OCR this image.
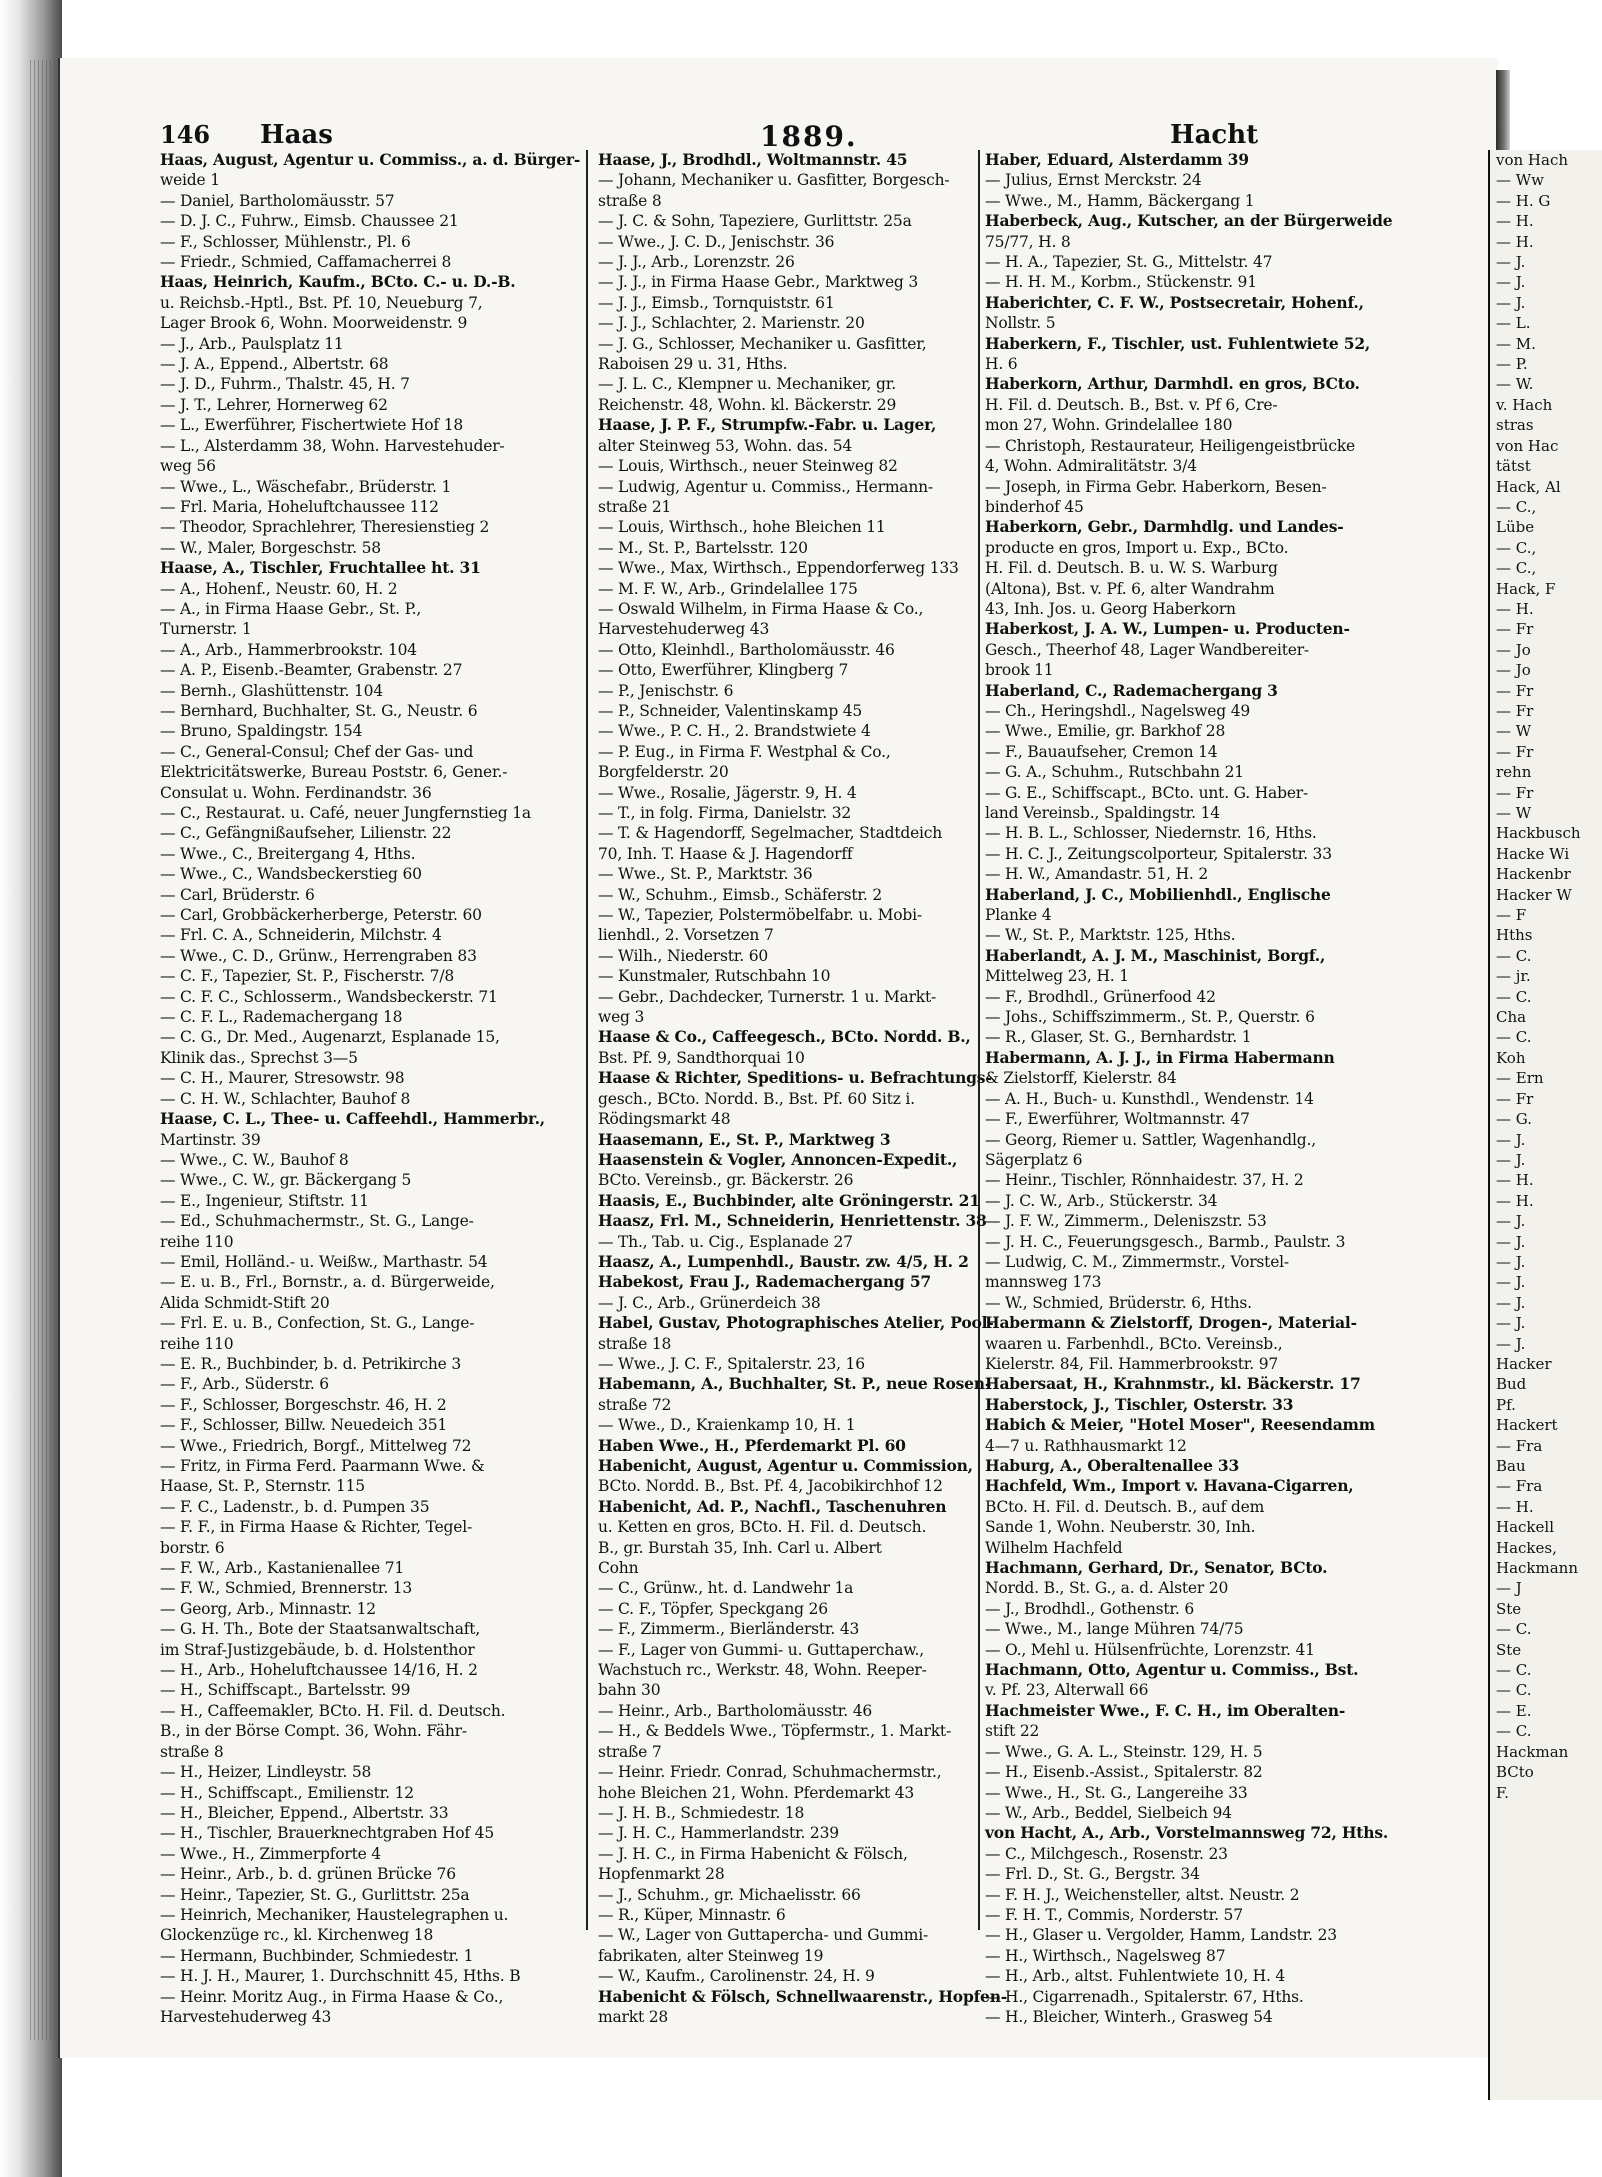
146 Haas	1889.	Hacht
Haas, August, Agentur u. Commiss., a. d. Bürger-
weide 1
— Daniel, Bartholomäusstr. 57
— D. J. C., Fuhrw., Eimsb. Chaussee 21
— F., Schlosser, Mühlenstr., Pl. 6
— Friedr., Schmied, Caffamacherrei 8
Haas, Heinrich, Kaufm., BCto. C.- u. D.-B.
u. Reichsb.-Hptl., Bst. Pf. 10, Neueburg 7,
Lager Brook 6, Wohn. Moorweidenstr. 9
— J., Arb., Paulsplatz 11
— J. A., Eppend., Albertstr. 68
— J. D., Fuhrm., Thalstr. 45, H. 7
— J. T., Lehrer, Hornerweg 62
— L., Ewerführer, Fischertwiete Hof 18
— L., Alsterdamm 38, Wohn. Harvestehuder-
weg 56
— Wwe., L., Wäschefabr., Brüderstr. 1
— Frl. Maria, Hoheluftchaussee 112
— Theodor, Sprachlehrer, Theresienstieg 2
— W., Maler, Borgeschstr. 58
Haase, A., Tischler, Fruchtallee ht. 31
— A., Hohenf., Neustr. 60, H. 2
— A., in Firma Haase Gebr., St. P.,
Turnerstr. 1
— A., Arb., Hammerbrookstr. 104
— A. P., Eisenb.-Beamter, Grabenstr. 27
— Bernh., Glashüttenstr. 104
— Bernhard, Buchhalter, St. G., Neustr. 6
— Bruno, Spaldingstr. 154
— C., General-Consul; Chef der Gas- und
Elektricitätswerke, Bureau Poststr. 6, Gener.-
Consulat u. Wohn. Ferdinandstr. 36
— C., Restaurat. u. Café, neuer Jungfernstieg 1a
— C., Gefängnißaufseher, Lilienstr. 22
— Wwe., C., Breitergang 4, Hths.
— Wwe., C., Wandsbeckerstieg 60
— Carl, Brüderstr. 6
— Carl, Grobbäckerherberge, Peterstr. 60
— Frl. C. A., Schneiderin, Milchstr. 4
— Wwe., C. D., Grünw., Herrengraben 83
— C. F., Tapezier, St. P., Fischerstr. 7/8
— C. F. C., Schlosserm., Wandsbeckerstr. 71
— C. F. L., Rademachergang 18
— C. G., Dr. Med., Augenarzt, Esplanade 15,
Klinik das., Sprechst 3—5
— C. H., Maurer, Stresowstr. 98
— C. H. W., Schlachter, Bauhof 8
Haase, C. L., Thee- u. Caffeehdl., Hammerbr.,
Martinstr. 39
— Wwe., C. W., Bauhof 8
— Wwe., C. W., gr. Bäckergang 5
— E., Ingenieur, Stiftstr. 11
— Ed., Schuhmachermstr., St. G., Lange-
reihe 110
— Emil, Holländ.- u. Weißw., Marthastr. 54
— E. u. B., Frl., Bornstr., a. d. Bürgerweide,
Alida Schmidt-Stift 20
— Frl. E. u. B., Confection, St. G., Lange-
reihe 110
— E. R., Buchbinder, b. d. Petrikirche 3
— F., Arb., Süderstr. 6
— F., Schlosser, Borgeschstr. 46, H. 2
— F., Schlosser, Billw. Neuedeich 351
— Wwe., Friedrich, Borgf., Mittelweg 72
— Fritz, in Firma Ferd. Paarmann Wwe. &
Haase, St. P., Sternstr. 115
— F. C., Ladenstr., b. d. Pumpen 35
— F. F., in Firma Haase & Richter, Tegel-
borstr. 6
— F. W., Arb., Kastanienallee 71
— F. W., Schmied, Brennerstr. 13
— Georg, Arb., Minnastr. 12
— G. H. Th., Bote der Staatsanwaltschaft,
im Straf-Justizgebäude, b. d. Holstenthor
— H., Arb., Hoheluftchaussee 14/16, H. 2
— H., Schiffscapt., Bartelsstr. 99
— H., Caffeemakler, BCto. H. Fil. d. Deutsch.
B., in der Börse Compt. 36, Wohn. Fähr-
straße 8
— H., Heizer, Lindleystr. 58
— H., Schiffscapt., Emilienstr. 12
— H., Bleicher, Eppend., Albertstr. 33
— H., Tischler, Brauerknechtgraben Hof 45
— Wwe., H., Zimmerpforte 4
— Heinr., Arb., b. d. grünen Brücke 76
— Heinr., Tapezier, St. G., Gurlittstr. 25a
— Heinrich, Mechaniker, Haustelegraphen u.
Glockenzüge rc., kl. Kirchenweg 18
— Hermann, Buchbinder, Schmiedestr. 1
— H. J. H., Maurer, 1. Durchschnitt 45, Hths. B
— Heinr. Moritz Aug., in Firma Haase & Co.,
Harvestehuderweg 43
Haase, J., Brodhdl., Woltmannstr. 45
— Johann, Mechaniker u. Gasfitter, Borgesch-
straße 8
— J. C. & Sohn, Tapeziere, Gurlittstr. 25a
— Wwe., J. C. D., Jenischstr. 36
— J. J., Arb., Lorenzstr. 26
— J. J., in Firma Haase Gebr., Marktweg 3
— J. J., Eimsb., Tornquiststr. 61
— J. J., Schlachter, 2. Marienstr. 20
— J. G., Schlosser, Mechaniker u. Gasfitter,
Raboisen 29 u. 31, Hths.
— J. L. C., Klempner u. Mechaniker, gr.
Reichenstr. 48, Wohn. kl. Bäckerstr. 29
Haase, J. P. F., Strumpfw.-Fabr. u. Lager,
alter Steinweg 53, Wohn. das. 54
— Louis, Wirthsch., neuer Steinweg 82
— Ludwig, Agentur u. Commiss., Hermann-
straße 21
— Louis, Wirthsch., hohe Bleichen 11
— M., St. P., Bartelsstr. 120
— Wwe., Max, Wirthsch., Eppendorferweg 133
— M. F. W., Arb., Grindelallee 175
— Oswald Wilhelm, in Firma Haase & Co.,
Harvestehuderweg 43
— Otto, Kleinhdl., Bartholomäusstr. 46
— Otto, Ewerführer, Klingberg 7
— P., Jenischstr. 6
— P., Schneider, Valentinskamp 45
— Wwe., P. C. H., 2. Brandstwiete 4
— P. Eug., in Firma F. Westphal & Co.,
Borgfelderstr. 20
— Wwe., Rosalie, Jägerstr. 9, H. 4
— T., in folg. Firma, Danielstr. 32
— T. & Hagendorff, Segelmacher, Stadtdeich
70, Inh. T. Haase & J. Hagendorff
— Wwe., St. P., Marktstr. 36
— W., Schuhm., Eimsb., Schäferstr. 2
— W., Tapezier, Polstermöbelfabr. u. Mobi-
lienhdl., 2. Vorsetzen 7
— Wilh., Niederstr. 60
— Kunstmaler, Rutschbahn 10
— Gebr., Dachdecker, Turnerstr. 1 u. Markt-
weg 3
Haase & Co., Caffeegesch., BCto. Nordd. B.,
Bst. Pf. 9, Sandthorquai 10
Haase & Richter, Speditions- u. Befrachtungs-
gesch., BCto. Nordd. B., Bst. Pf. 60 Sitz i.
Rödingsmarkt 48
Haasemann, E., St. P., Marktweg 3
Haasenstein & Vogler, Annoncen-Expedit.,
BCto. Vereinsb., gr. Bäckerstr. 26
Haasis, E., Buchbinder, alte Gröningerstr. 21
Haasz, Frl. M., Schneiderin, Henriettenstr. 38
— Th., Tab. u. Cig., Esplanade 27
Haasz, A., Lumpenhdl., Baustr. zw. 4/5, H. 2
Habekost, Frau J., Rademachergang 57
— J. C., Arb., Grünerdeich 38
Habel, Gustav, Photographisches Atelier, Pool-
straße 18
— Wwe., J. C. F., Spitalerstr. 23, 16
Habemann, A., Buchhalter, St. P., neue Rosen-
straße 72
— Wwe., D., Kraienkamp 10, H. 1
Haben Wwe., H., Pferdemarkt Pl. 60
Habenicht, August, Agentur u. Commission,
BCto. Nordd. B., Bst. Pf. 4, Jacobikirchhof 12
Habenicht, Ad. P., Nachfl., Taschenuhren
u. Ketten en gros, BCto. H. Fil. d. Deutsch.
B., gr. Burstah 35, Inh. Carl u. Albert
Cohn
— C., Grünw., ht. d. Landwehr 1a
— C. F., Töpfer, Speckgang 26
— F., Zimmerm., Bierländerstr. 43
— F., Lager von Gummi- u. Guttaperchaw.,
Wachstuch rc., Werkstr. 48, Wohn. Reeper-
bahn 30
— Heinr., Arb., Bartholomäusstr. 46
— H., & Beddels Wwe., Töpfermstr., 1. Markt-
straße 7
— Heinr. Friedr. Conrad, Schuhmachermstr.,
hohe Bleichen 21, Wohn. Pferdemarkt 43
— J. H. B., Schmiedestr. 18
— J. H. C., Hammerlandstr. 239
— J. H. C., in Firma Habenicht & Fölsch,
Hopfenmarkt 28
— J., Schuhm., gr. Michaelisstr. 66
— R., Küper, Minnastr. 6
— W., Lager von Guttapercha- und Gummi-
fabrikaten, alter Steinweg 19
— W., Kaufm., Carolinenstr. 24, H. 9
Habenicht & Fölsch, Schnellwaarenstr., Hopfen-
markt 28
Haber, Eduard, Alsterdamm 39
— Julius, Ernst Merckstr. 24
— Wwe., M., Hamm, Bäckergang 1
Haberbeck, Aug., Kutscher, an der Bürgerweide
75/77, H. 8
— H. A., Tapezier, St. G., Mittelstr. 47
— H. H. M., Korbm., Stückenstr. 91
Haberichter, C. F. W., Postsecretair, Hohenf.,
Nollstr. 5
Haberkern, F., Tischler, ust. Fuhlentwiete 52,
H. 6
Haberkorn, Arthur, Darmhdl. en gros, BCto.
H. Fil. d. Deutsch. B., Bst. v. Pf 6, Cre-
mon 27, Wohn. Grindelallee 180
— Christoph, Restaurateur, Heiligengeistbrücke
4, Wohn. Admiralitätstr. 3/4
— Joseph, in Firma Gebr. Haberkorn, Besen-
binderhof 45
Haberkorn, Gebr., Darmhdlg. und Landes-
producte en gros, Import u. Exp., BCto.
H. Fil. d. Deutsch. B. u. W. S. Warburg
(Altona), Bst. v. Pf. 6, alter Wandrahm
43, Inh. Jos. u. Georg Haberkorn
Haberkost, J. A. W., Lumpen- u. Producten-
Gesch., Theerhof 48, Lager Wandbereiter-
brook 11
Haberland, C., Rademachergang 3
— Ch., Heringshdl., Nagelsweg 49
— Wwe., Emilie, gr. Barkhof 28
— F., Bauaufseher, Cremon 14
— G. A., Schuhm., Rutschbahn 21
— G. E., Schiffscapt., BCto. unt. G. Haber-
land Vereinsb., Spaldingstr. 14
— H. B. L., Schlosser, Niedernstr. 16, Hths.
— H. C. J., Zeitungscolporteur, Spitalerstr. 33
— H. W., Amandastr. 51, H. 2
Haberland, J. C., Mobilienhdl., Englische
Planke 4
— W., St. P., Marktstr. 125, Hths.
Haberlandt, A. J. M., Maschinist, Borgf.,
Mittelweg 23, H. 1
— F., Brodhdl., Grünerfood 42
— Johs., Schiffszimmerm., St. P., Querstr. 6
— R., Glaser, St. G., Bernhardstr. 1
Habermann, A. J. J., in Firma Habermann
& Zielstorff, Kielerstr. 84
— A. H., Buch- u. Kunsthdl., Wendenstr. 14
— F., Ewerführer, Woltmannstr. 47
— Georg, Riemer u. Sattler, Wagenhandlg.,
Sägerplatz 6
— Heinr., Tischler, Rönnhaidestr. 37, H. 2
— J. C. W., Arb., Stückerstr. 34
— J. F. W., Zimmerm., Deleniszstr. 53
— J. H. C., Feuerungsgesch., Barmb., Paulstr. 3
— Ludwig, C. M., Zimmermstr., Vorstel-
mannsweg 173
— W., Schmied, Brüderstr. 6, Hths.
Habermann & Zielstorff, Drogen-, Material-
waaren u. Farbenhdl., BCto. Vereinsb.,
Kielerstr. 84, Fil. Hammerbrookstr. 97
Habersaat, H., Krahnmstr., kl. Bäckerstr. 17
Haberstock, J., Tischler, Osterstr. 33
Habich & Meier, "Hotel Moser", Reesendamm
4—7 u. Rathhausmarkt 12
Haburg, A., Oberaltenallee 33
Hachfeld, Wm., Import v. Havana-Cigarren,
BCto. H. Fil. d. Deutsch. B., auf dem
Sande 1, Wohn. Neuberstr. 30, Inh.
Wilhelm Hachfeld
Hachmann, Gerhard, Dr., Senator, BCto.
Nordd. B., St. G., a. d. Alster 20
— J., Brodhdl., Gothenstr. 6
— Wwe., M., lange Mühren 74/75
— O., Mehl u. Hülsenfrüchte, Lorenzstr. 41
Hachmann, Otto, Agentur u. Commiss., Bst.
v. Pf. 23, Alterwall 66
Hachmeister Wwe., F. C. H., im Oberalten-
stift 22
— Wwe., G. A. L., Steinstr. 129, H. 5
— H., Eisenb.-Assist., Spitalerstr. 82
— Wwe., H., St. G., Langereihe 33
— W., Arb., Beddel, Sielbeich 94
von Hacht, A., Arb., Vorstelmannsweg 72, Hths.
— C., Milchgesch., Rosenstr. 23
— Frl. D., St. G., Bergstr. 34
— F. H. J., Weichensteller, altst. Neustr. 2
— F. H. T., Commis, Norderstr. 57
— H., Glaser u. Vergolder, Hamm, Landstr. 23
— H., Wirthsch., Nagelsweg 87
— H., Arb., altst. Fuhlentwiete 10, H. 4
— H., Cigarrenadh., Spitalerstr. 67, Hths.
— H., Bleicher, Winterh., Grasweg 54
von Hach
— Ww
— H. G
— H.
— H.
— J.
— J.
— J.
— L.
— M.
— P.
— W.
v. Hach
stras
von Hac
tätst
Hack, Al
— C.,
Lübe
— C.,
— C.,
Hack, F
— H.
— Fr
— Jo
— Jo
— Fr
— Fr
— W
— Fr
rehn
— Fr
— W
Hackbusch
Hacke Wi
Hackenbr
Hacker W
— F
Hths
— C.
— jr.
— C.
Cha
— C.
Koh
— Ern
— Fr
— G.
— J.
— J.
— H.
— H.
— J.
— J.
— J.
— J.
— J.
— J.
— J.
Hacker
Bud
Pf.
Hackert
— Fra
Bau
— Fra
— H.
Hackell
Hackes,
Hackmann
— J
Ste
— C.
Ste
— C.
— C.
— E.
— C.
Hackman
BCto
F.
